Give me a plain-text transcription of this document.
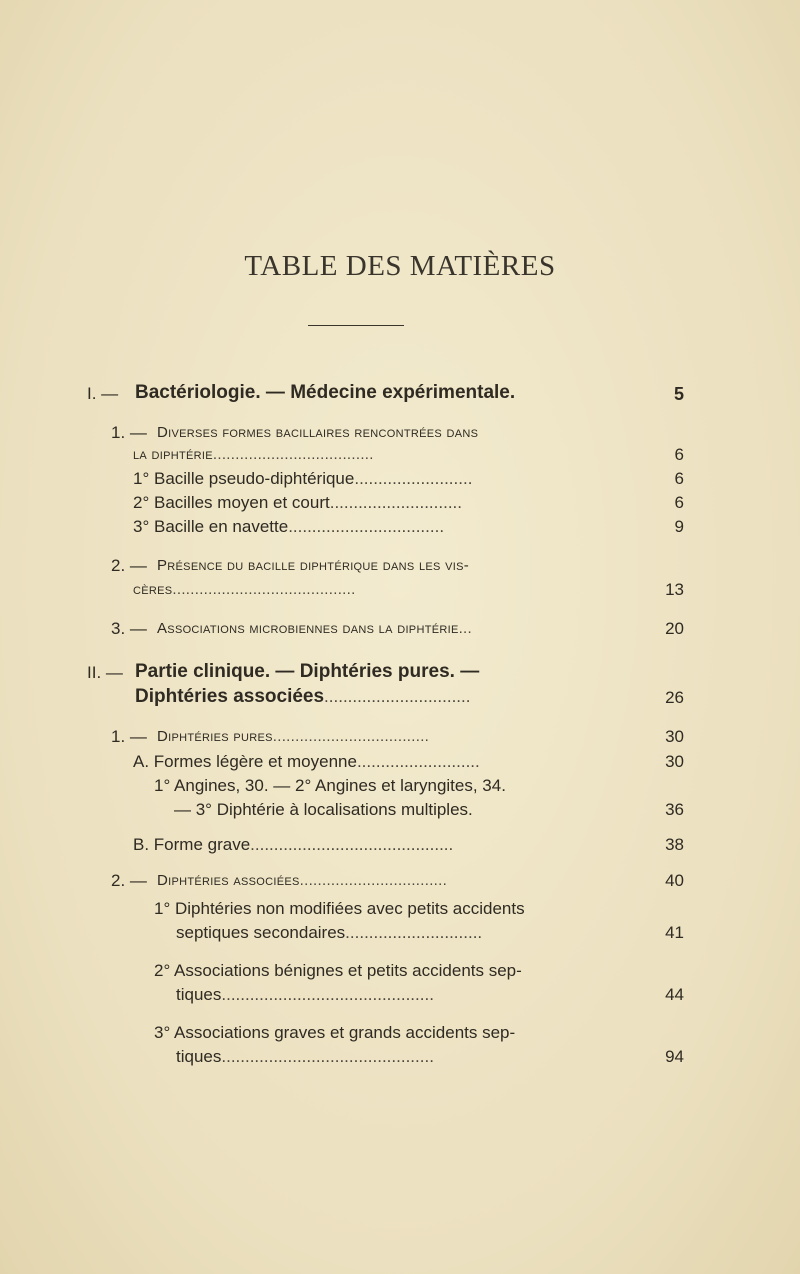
TABLE DES MATIÈRES
I. — Bactériologie. — Médecine expérimentale.	5
1. — Diverses formes bacillaires rencontrées dans
la diphtérie....................................	6
1° Bacille pseudo-diphtérique.........................	6
2° Bacilles moyen et court............................	6
3° Bacille en navette.................................	9
2. — Présence du bacille diphtérique dans les vis-
cères.........................................	13
3. — Associations microbiennes dans la diphtérie...	20
II. — Partie clinique. — Diphtéries pures. —
Diphtéries associées...............................	26
1. — Diphtéries pures...................................	30
A. Formes légère et moyenne..........................	30
1° Angines, 30. — 2° Angines et laryngites, 34.
— 3° Diphtérie à localisations multiples.	36
B. Forme grave...........................................	38
2. — Diphtéries associées.................................	40
1° Diphtéries non modifiées avec petits accidents
septiques secondaires.............................	41
2° Associations bénignes et petits accidents sep-
tiques.............................................	44
3° Associations graves et grands accidents sep-
tiques.............................................	94
